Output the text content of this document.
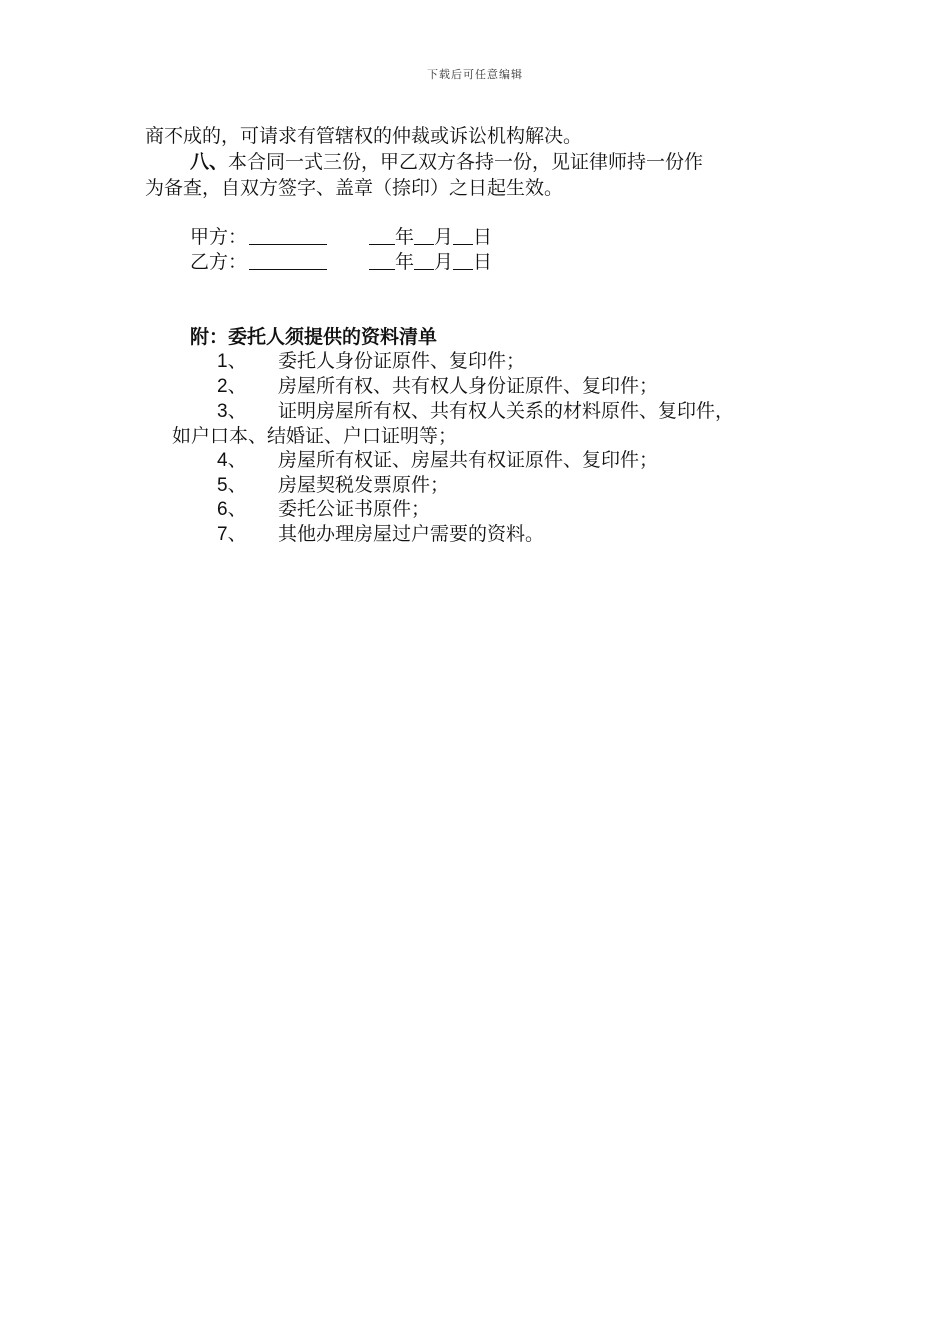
下载后可任意编辑
商不成的，可请求有管辖权的仲裁或诉讼机构解决。
八、本合同一式三份，甲乙双方各持一份，见证律师持一份作
为备查，自双方签字、盖章（捺印）之日起生效。
甲方：	年 月 日
乙方：	年 月 日
附：委托人须提供的资料清单
1、 委托人身份证原件、复印件；
2、 房屋所有权、共有权人身份证原件、复印件；
3、 证明房屋所有权、共有权人关系的材料原件、复印件，
如户口本、结婚证、户口证明等；
4、 房屋所有权证、房屋共有权证原件、复印件；
5、 房屋契税发票原件；
6、 委托公证书原件；
7、 其他办理房屋过户需要的资料。
